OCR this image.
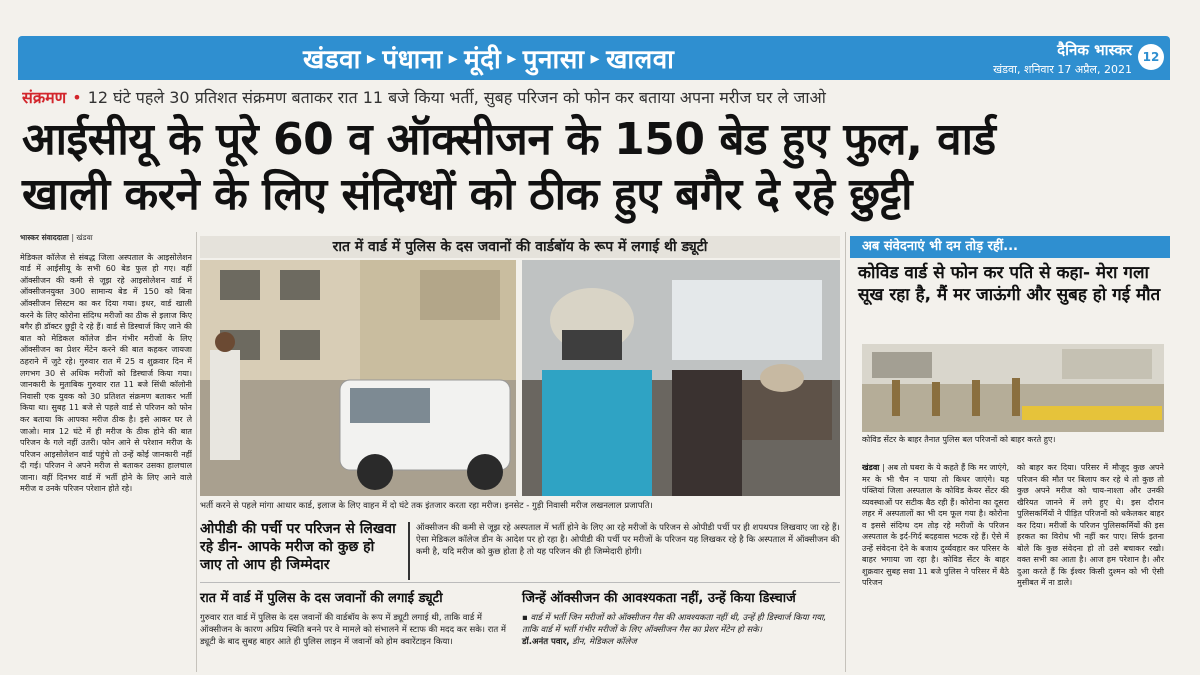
खंडवा ▸ पंधाना ▸ मूंदी ▸ पुनासा ▸ खालवा	दैनिक भास्कर
खंडवा, शनिवार 17 अप्रैल, 2021
12
संक्रमण • 12 घंटे पहले 30 प्रतिशत संक्रमण बताकर रात 11 बजे किया भर्ती, सुबह परिजन को फोन कर बताया अपना मरीज घर ले जाओ
आईसीयू के पूरे 60 व ऑक्सीजन के 150 बेड हुए फुल, वार्ड
खाली करने के लिए संदिग्धों को ठीक हुए बगैर दे रहे छुट्टी
भास्कर संवाददाता | खंडवा
मेडिकल कॉलेज से संबद्ध जिला अस्पताल के आइसोलेशन वार्ड में आईसीयू के सभी 60 बेड फुल हो गए। वहीं ऑक्सीजन की कमी से जूझ रहे आइसोलेशन वार्ड में ऑक्सीजनयुक्त 300 सामान्य बेड में 150 को बिना ऑक्सीजन सिस्टम का कर दिया गया। इधर, वार्ड खाली करने के लिए कोरोना संदिग्ध मरीजों का ठीक से इलाज किए बगैर ही डॉक्टर छुट्टी दे रहे हैं। वार्ड से डिस्चार्ज किए जाने की बात को मेडिकल कॉलेज डीन गंभीर मरीजों के लिए ऑक्सीजन का प्रेशर मेंटेन करने की बात कहकर जायजा ठहराने में जुटे रहे। गुरुवार रात में 25 व शुक्रवार दिन में लगभग 30 से अधिक मरीजों को डिस्चार्ज किया गया। जानकारी के मुताबिक गुरुवार रात 11 बजे सिंधी कॉलोनी निवासी एक युवक को 30 प्रतिशत संक्रमण बताकर भर्ती किया था। सुबह 11 बजे से पहले वार्ड से परिजन को फोन कर बताया कि आपका मरीज ठीक है। इसे आकर घर ले जाओ। मात्र 12 घंटे में ही मरीज के ठीक होने की बात परिजन के गले नहीं उतरी। फोन आने से परेशान मरीज के परिजन आइसोलेशन वार्ड पहुंचे तो उन्हें कोई जानकारी नहीं दी गई। परिजन ने अपने मरीज से बताकर उसका हालचाल जाना। वहीं दिनभर वार्ड में भर्ती होने के लिए आने वाले मरीज व उनके परिजन परेशान होते रहे।
रात में वार्ड में पुलिस के दस जवानों की वार्डबॉय के रूप में लगाई थी ड्यूटी
भर्ती करने से पहले मांगा आधार कार्ड, इलाज के लिए वाहन में दो घंटे तक इंतजार करता रहा मरीज। इनसेट - गुड़ी निवासी मरीज लखनलाल प्रजापति।
ओपीडी की पर्ची पर परिजन से लिखवा रहे डीन- आपके मरीज को कुछ हो जाए तो आप ही जिम्मेदार
ऑक्सीजन की कमी से जूझ रहे अस्पताल में भर्ती होने के लिए आ रहे मरीजों के परिजन से ओपीडी पर्ची पर ही शपथपत्र लिखवाए जा रहे हैं। ऐसा मेडिकल कॉलेज डीन के आदेश पर हो रहा है। ओपीडी की पर्ची पर मरीजों के परिजन यह लिखकर रहे है कि अस्पताल में ऑक्सीजन की कमी है, यदि मरीज को कुछ होता है तो यह परिजन की ही जिम्मेदारी होगी।
रात में वार्ड में पुलिस के दस जवानों की लगाई ड्यूटी
गुरुवार रात वार्ड में पुलिस के दस जवानों की वार्डबॉय के रूप में ड्यूटी लगाई थी, ताकि वार्ड में ऑक्सीजन के कारण अप्रिय स्थिति बनने पर वे मामले को संभालने में स्टाफ की मदद कर सके। रात में ड्यूटी के बाद सुबह बाहर आते ही पुलिस लाइन में जवानों को होम क्वारेंटाइन किया।
जिन्हें ऑक्सीजन की आवश्यकता नहीं, उन्हें किया डिस्चार्ज
▪ वार्ड में भर्ती जिन मरीजों को ऑक्सीजन गैस की आवश्यकता नहीं थी, उन्हें ही डिस्चार्ज किया गया, ताकि वार्ड में भर्ती गंभीर मरीजों के लिए ऑक्सीजन गैस का प्रेशर मेंटेन हो सके।
डॉ.अनंत पवार, डीन, मेडिकल कॉलेज
अब संवेदनाएं भी दम तोड़ रहीं...
कोविड वार्ड से फोन कर पति से कहा- मेरा गला सूख रहा है, मैं मर जाऊंगी और सुबह हो गई मौत
कोविड सेंटर के बाहर तैनात पुलिस बल परिजनों को बाहर करते हुए।
खंडवा | अब तो घबरा के ये कहते हैं कि मर जाएंगे, मर के भी चैन न पाया तो किधर जाएंगे। यह पंक्तियां जिला अस्पताल के कोविड केयर सेंटर की व्यवस्थाओं पर सटीक बैठ रही हैं। कोरोना का दूसरा लहर में अस्पतालों का भी दम फूल गया है। कोरोना व इससे संदिग्ध दम तोड़ रहे मरीजों के परिजन अस्पताल के इर्द-गिर्द बदहवास भटक रहे हैं। ऐसे में उन्हें संवेदना देने के बजाय दुर्व्यवहार कर परिसर के बाहर भगाया जा रहा है। कोविड सेंटर के बाहर शुक्रवार सुबह सवा 11 बजे पुलिस ने परिसर में बैठे परिजन
को बाहर कर दिया। परिसर में मौजूद कुछ अपने परिजन की मौत पर बिलाप कर रहे थे तो कुछ तो कुछ अपने मरीज को चाय-नाश्ता और उनकी खैरियत जानने में लगे हुए थे। इस दौरान पुलिसकर्मियों ने पीड़ित परिजनों को धकेलकर बाहर कर दिया। मरीजों के परिजन पुलिसकर्मियों की इस हरकत का विरोध भी नहीं कर पाए। सिर्फ इतना बोले कि कुछ संवेदना हो तो उसे बचाकर रखो। वक्त सभी का आता है। आज हम परेशान है। और दुआ करते हैं कि ईश्वर किसी दुश्मन को भी ऐसी मुसीबत में ना डाले।
